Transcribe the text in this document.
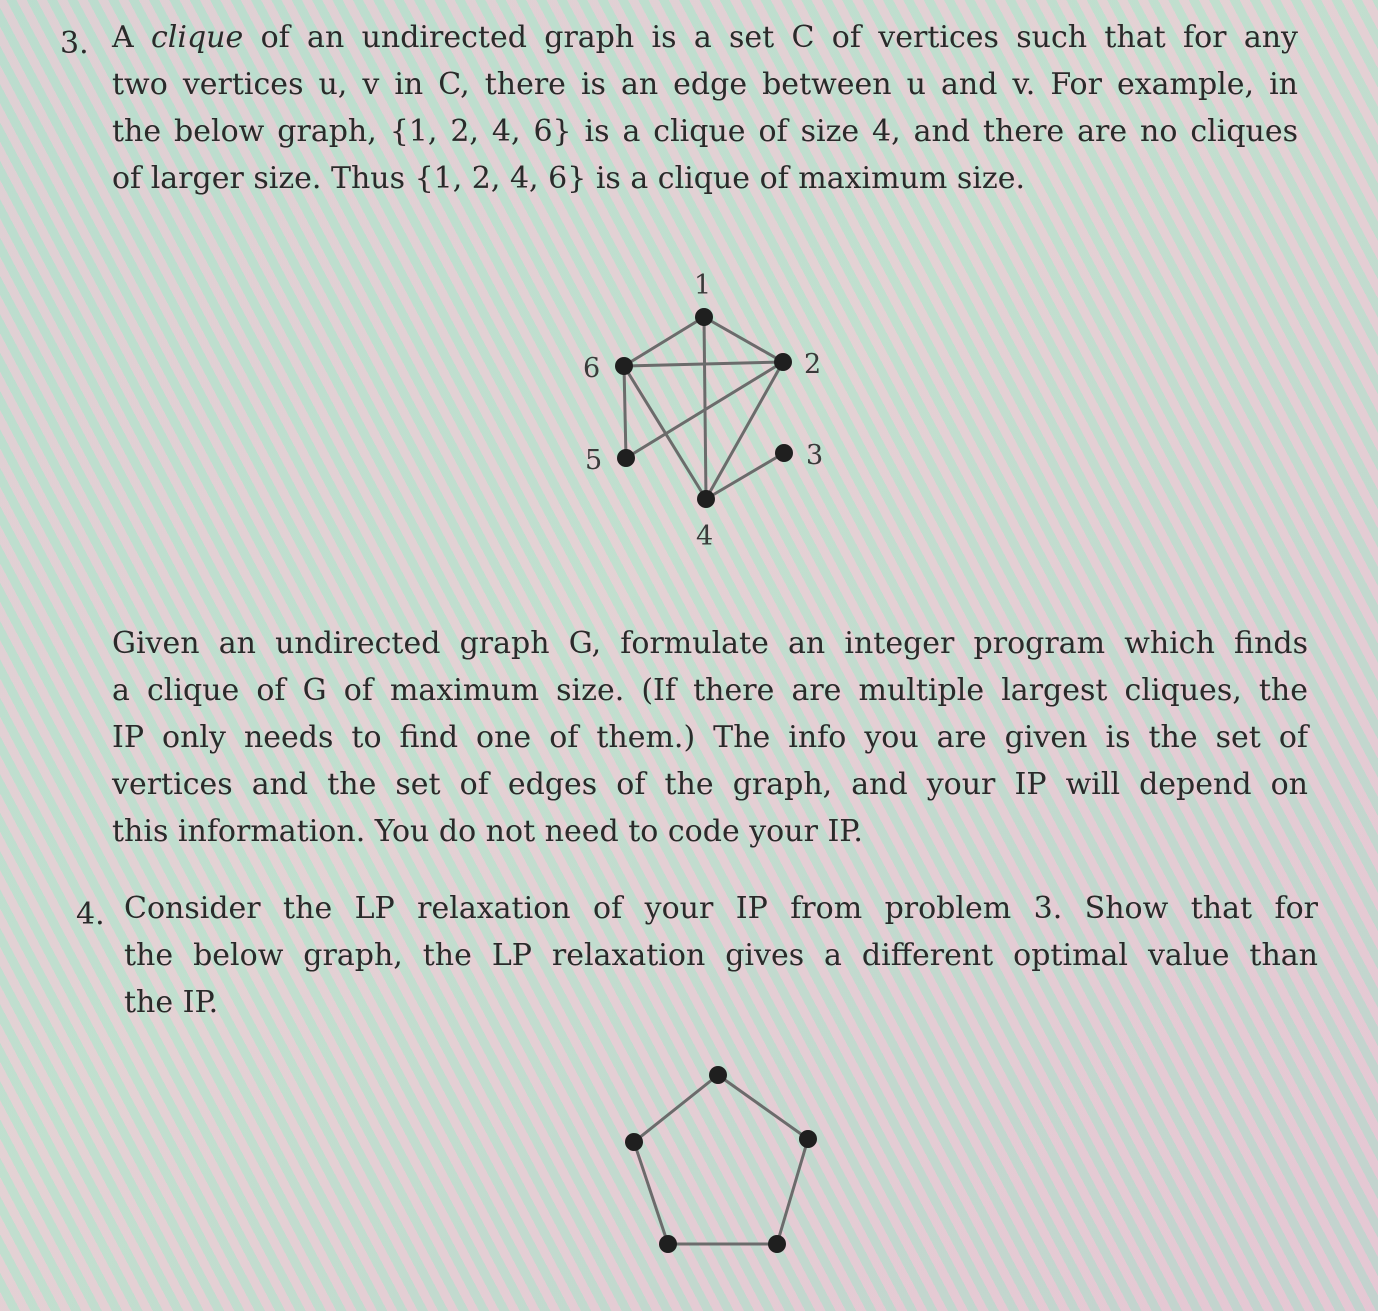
3. A clique of an undirected graph is a set C of vertices such that for any
two vertices u, v in C, there is an edge between u and v. For example, in
the below graph, {1, 2, 4, 6} is a clique of size 4, and there are no cliques
of larger size. Thus {1, 2, 4, 6} is a clique of maximum size.
1
2
3
4
5
6
Given an undirected graph G, formulate an integer program which finds
a clique of G of maximum size. (If there are multiple largest cliques, the
IP only needs to find one of them.) The info you are given is the set of
vertices and the set of edges of the graph, and your IP will depend on
this information. You do not need to code your IP.
4. Consider the LP relaxation of your IP from problem 3. Show that for
the below graph, the LP relaxation gives a different optimal value than
the IP.
